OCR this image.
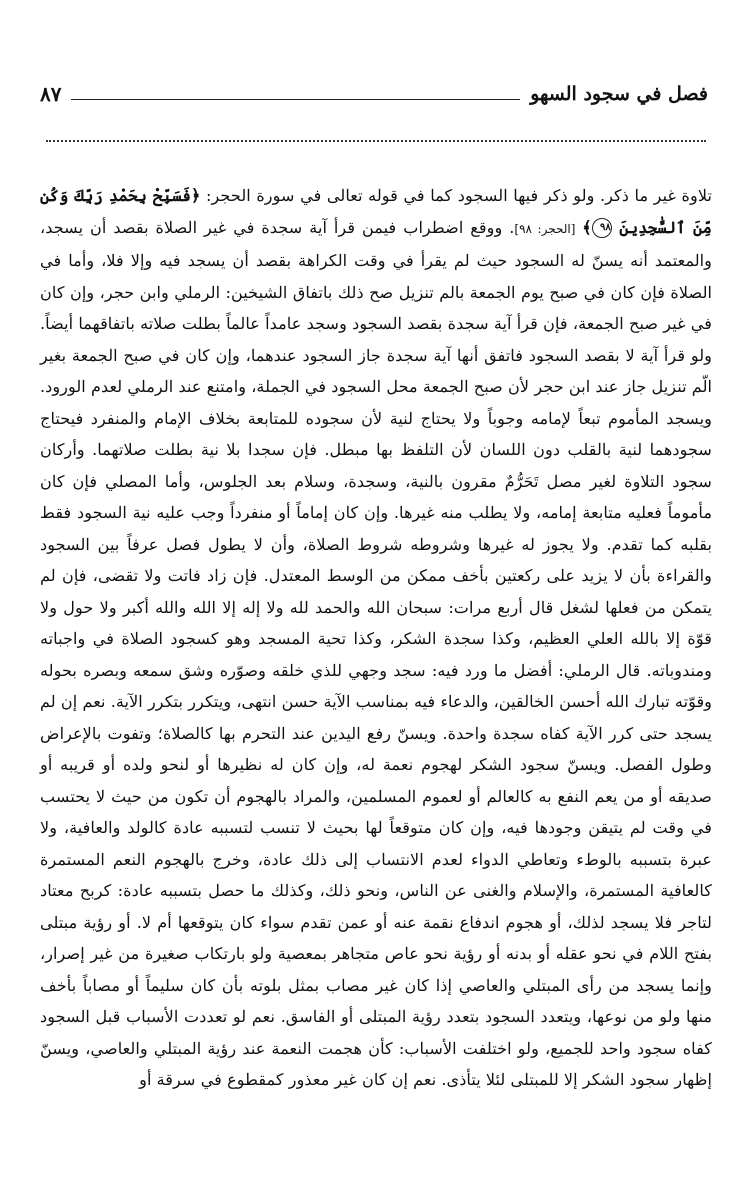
فصل في سجود السهو
٨٧

تلاوة غير ما ذكر. ولو ذكر فيها السجود كما في قوله تعالى في سورة الحجر: ﴿فَسَبِّحْ بِحَمْدِ رَبِّكَ وَكُن مِّنَ ٱلسَّٰجِدِينَ ٩٨﴾ [الحجر: ٩٨]. ووقع اضطراب فيمن قرأ آية سجدة في غير الصلاة بقصد أن يسجد، والمعتمد أنه يسنّ له السجود حيث لم يقرأ في وقت الكراهة بقصد أن يسجد فيه وإلا فلا، وأما في الصلاة فإن كان في صبح يوم الجمعة بالم تنزيل صح ذلك باتفاق الشيخين: الرملي وابن حجر، وإن كان في غير صبح الجمعة، فإن قرأ آية سجدة بقصد السجود وسجد عامداً عالماً بطلت صلاته باتفاقهما أيضاً. ولو قرأ آية لا بقصد السجود فاتفق أنها آية سجدة جاز السجود عندهما، وإن كان في صبح الجمعة بغير الّم تنزيل جاز عند ابن حجر لأن صبح الجمعة محل السجود في الجملة، وامتنع عند الرملي لعدم الورود. ويسجد المأموم تبعاً لإمامه وجوباً ولا يحتاج لنية لأن سجوده للمتابعة بخلاف الإمام والمنفرد فيحتاج سجودهما لنية بالقلب دون اللسان لأن التلفظ بها مبطل. فإن سجدا بلا نية بطلت صلاتهما. وأركان سجود التلاوة لغير مصل تَحَرُّمٌ مقرون بالنية، وسجدة، وسلام بعد الجلوس، وأما المصلي فإن كان مأموماً فعليه متابعة إمامه، ولا يطلب منه غيرها. وإن كان إماماً أو منفرداً وجب عليه نية السجود فقط بقلبه كما تقدم. ولا يجوز له غيرها وشروطه شروط الصلاة، وأن لا يطول فصل عرفاً بين السجود والقراءة بأن لا يزيد على ركعتين بأخف ممكن من الوسط المعتدل. فإن زاد فاتت ولا تقضى، فإن لم يتمكن من فعلها لشغل قال أربع مرات: سبحان الله والحمد لله ولا إله إلا الله والله أكبر ولا حول ولا قوّة إلا بالله العلي العظيم، وكذا سجدة الشكر، وكذا تحية المسجد وهو كسجود الصلاة في واجباته ومندوباته. قال الرملي: أفضل ما ورد فيه: سجد وجهي للذي خلقه وصوّره وشق سمعه وبصره بحوله وقوّته تبارك الله أحسن الخالقين، والدعاء فيه بمناسب الآية حسن انتهى، ويتكرر بتكرر الآية. نعم إن لم يسجد حتى كرر الآية كفاه سجدة واحدة. ويسنّ رفع اليدين عند التحرم بها كالصلاة؛ وتفوت بالإعراض وطول الفصل. ويسنّ سجود الشكر لهجوم نعمة له، وإن كان له نظيرها أو لنحو ولده أو قريبه أو صديقه أو من يعم النفع به كالعالم أو لعموم المسلمين، والمراد بالهجوم أن تكون من حيث لا يحتسب في وقت لم يتيقن وجودها فيه، وإن كان متوقعاً لها بحيث لا تنسب لتسببه عادة كالولد والعافية، ولا عبرة بتسببه بالوطء وتعاطي الدواء لعدم الانتساب إلى ذلك عادة، وخرج بالهجوم النعم المستمرة كالعافية المستمرة، والإسلام والغنى عن الناس، ونحو ذلك، وكذلك ما حصل بتسببه عادة: كربح معتاد لتاجر فلا يسجد لذلك، أو هجوم اندفاع نقمة عنه أو عمن تقدم سواء كان يتوقعها أم لا. أو رؤية مبتلى بفتح اللام في نحو عقله أو بدنه أو رؤية نحو عاص متجاهر بمعصية ولو بارتكاب صغيرة من غير إصرار، وإنما يسجد من رأى المبتلي والعاصي إذا كان غير مصاب بمثل بلوته بأن كان سليماً أو مصاباً بأخف منها ولو من نوعها، ويتعدد السجود بتعدد رؤية المبتلى أو الفاسق. نعم لو تعددت الأسباب قبل السجود كفاه سجود واحد للجميع، ولو اختلفت الأسباب: كأن هجمت النعمة عند رؤية المبتلي والعاصي، ويسنّ إظهار سجود الشكر إلا للمبتلى لئلا يتأذى. نعم إن كان غير معذور كمقطوع في سرقة أو
